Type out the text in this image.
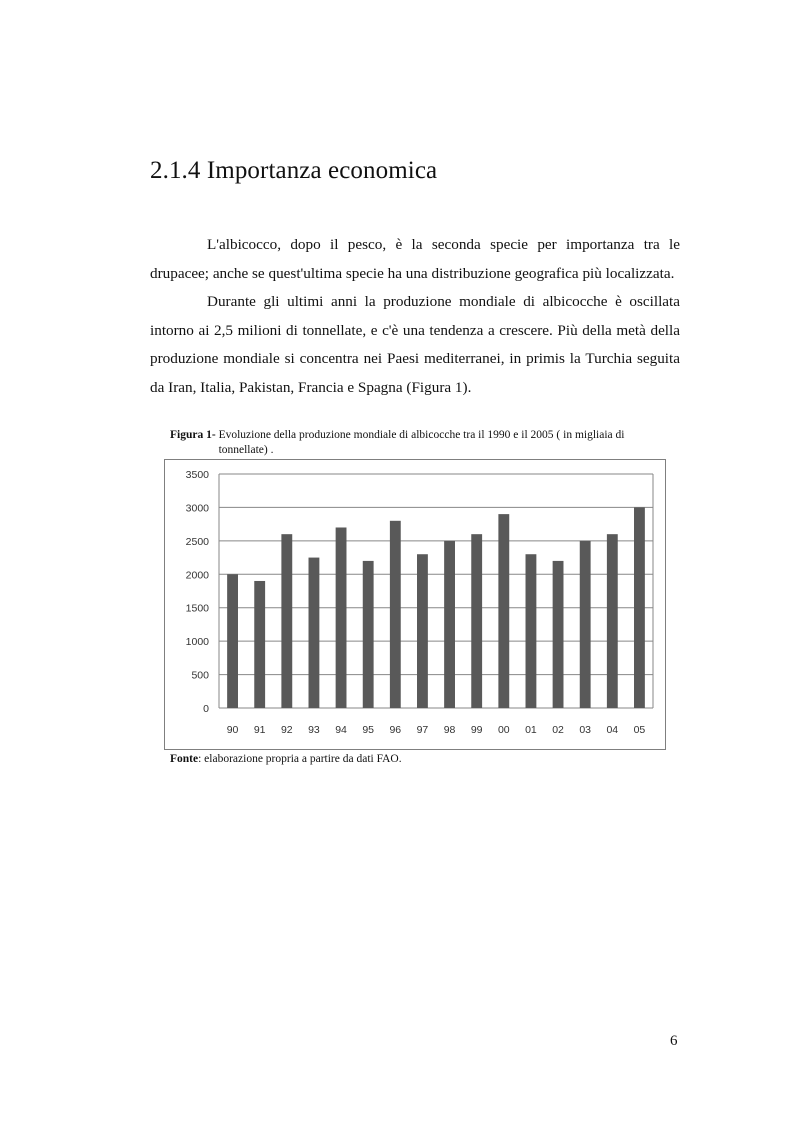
2.1.4 Importanza economica

L'albicocco, dopo il pesco, è la seconda specie per importanza tra le drupacee; anche se quest'ultima specie ha una distribuzione geografica più localizzata.

Durante gli ultimi anni la produzione mondiale di albicocche è oscillata intorno ai 2,5 milioni di tonnellate, e c'è una tendenza a crescere. Più della metà della produzione mondiale si concentra nei Paesi mediterranei, in primis la Turchia seguita da Iran, Italia, Pakistan, Francia e Spagna (Figura 1).

Figura 1-
Evoluzione della produzione mondiale di albicocche tra il 1990 e il 2005 ( in migliaia di tonnellate) .
0
500
1000
1500
2000
2500
3000
3500
90 91 92 93 94 95 96 97 98 99 00 01 02 03 04 05
Fonte: elaborazione propria a partire da dati FAO.
6
